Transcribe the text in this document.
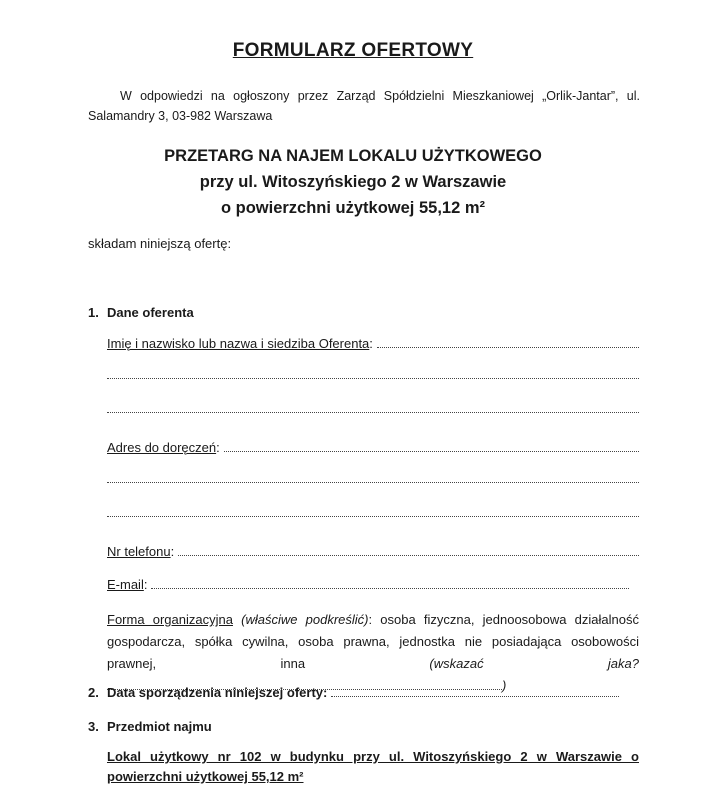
FORMULARZ OFERTOWY
W odpowiedzi na ogłoszony przez Zarząd Spółdzielni Mieszkaniowej „Orlik-Jantar”, ul. Salamandry 3, 03-982 Warszawa
PRZETARG NA NAJEM LOKALU UŻYTKOWEGO
przy ul. Witoszyńskiego 2 w Warszawie
o powierzchni użytkowej 55,12 m²
składam niniejszą ofertę:
1. Dane oferenta
Imię i nazwisko lub nazwa i siedziba Oferenta :
Adres do doręczeń :
Nr telefonu :
E-mail :
Forma organizacyjna (właściwe podkreślić): osoba fizyczna, jednoosobowa działalność gospodarcza, spółka cywilna, osoba prawna, jednostka nie posiadająca osobowości prawnej, inna	(wskazać jaka? )
2. Data sporządzenia niniejszej oferty:
3. Przedmiot najmu
Lokal użytkowy nr 102 w budynku przy ul. Witoszyńskiego 2 w Warszawie o powierzchni użytkowej 55,12 m²
